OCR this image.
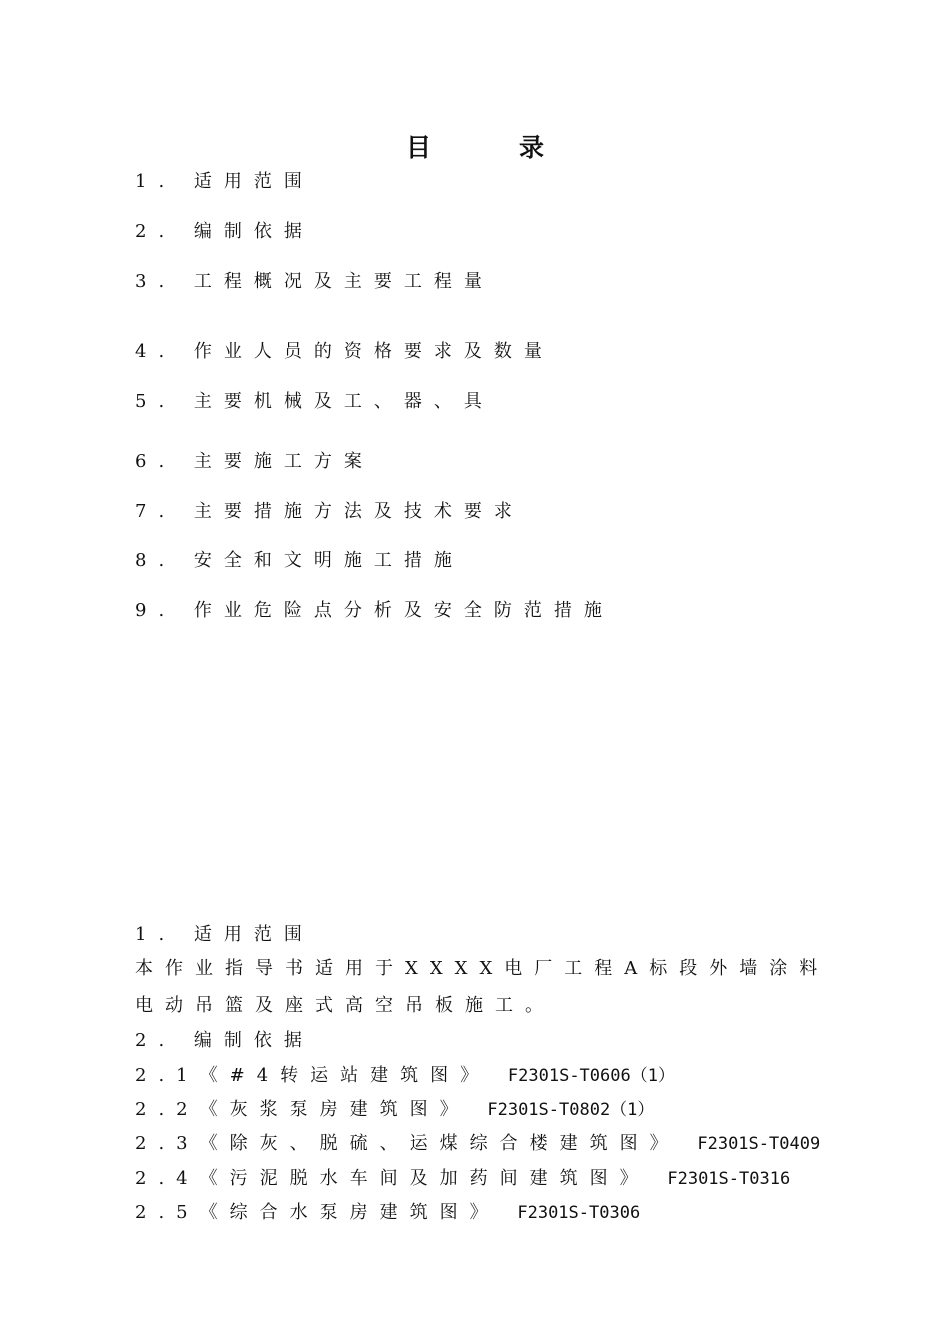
目录
1. 适用范围
2. 编制依据
3. 工程概况及主要工程量
4. 作业人员的资格要求及数量
5. 主要机械及工、器、具
6. 主要施工方案
7. 主要措施方法及技术要求
8. 安全和文明施工措施
9. 作业危险点分析及安全防范措施
1. 适用范围
本作业指导书适用于XXXX电厂工程A标段外墙涂料
电动吊篮及座式高空吊板施工。
2. 编制依据
2.1《#4转运站建筑图》 F2301S-T0606（1）
2.2《灰浆泵房建筑图》 F2301S-T0802（1）
2.3《除灰、脱硫、运煤综合楼建筑图》 F2301S-T0409
2.4《污泥脱水车间及加药间建筑图》 F2301S-T0316
2.5《综合水泵房建筑图》 F2301S-T0306
